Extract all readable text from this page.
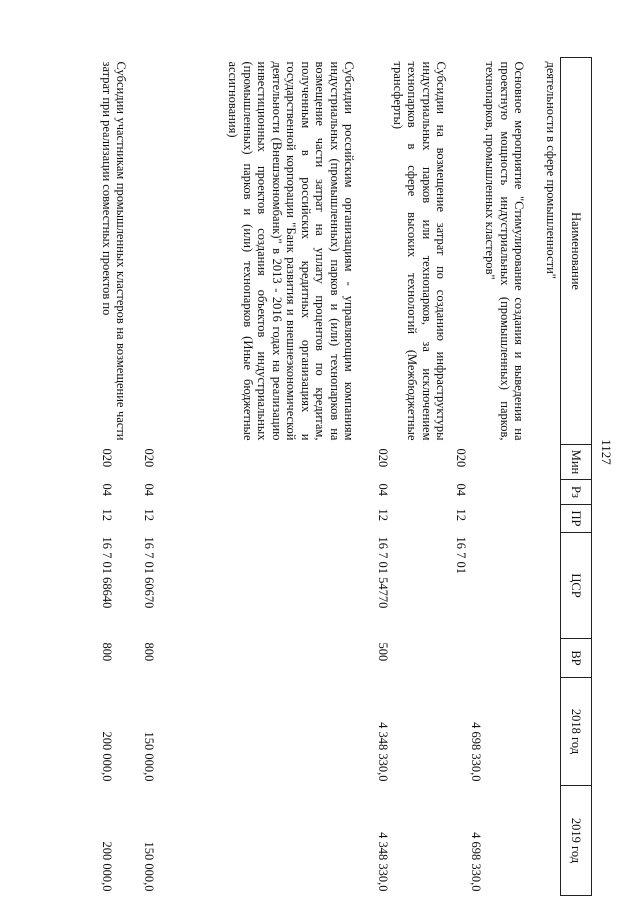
1127
Наименование	Мин	Рз	ПР	ЦСР	ВР	2018 год	2019 год
деятельности в сфере промышленности"							
Основное мероприятие "Стимулирование создания и выведения на проектную мощность индустриальных (промышленных) парков, технопарков, промышленных кластеров"	020	04	12	16 7 01		4 698 330,0	4 698 330,0
Субсидии на возмещение затрат по созданию инфраструктуры индустриальных парков или технопарков, за исключением технопарков в сфере высоких технологий (Межбюджетные трансферты)	020	04	12	16 7 01 54770	500	4 348 330,0	4 348 330,0
Субсидии российским организациям - управляющим компаниям индустриальных (промышленных) парков и (или) технопарков на возмещение части затрат на уплату процентов по кредитам, полученным в российских кредитных организациях и государственной корпорации "Банк развития и внешнеэкономической деятельности (Внешэкономбанк)" в 2013 - 2016 годах на реализацию инвестиционных проектов создания объектов индустриальных (промышленных) парков и (или) технопарков (Иные бюджетные ассигнования)	020	04	12	16 7 01 60670	800	150 000,0	150 000,0
Субсидии участникам промышленных кластеров на возмещение части затрат при реализации совместных проектов по	020	04	12	16 7 01 68640	800	200 000,0	200 000,0
